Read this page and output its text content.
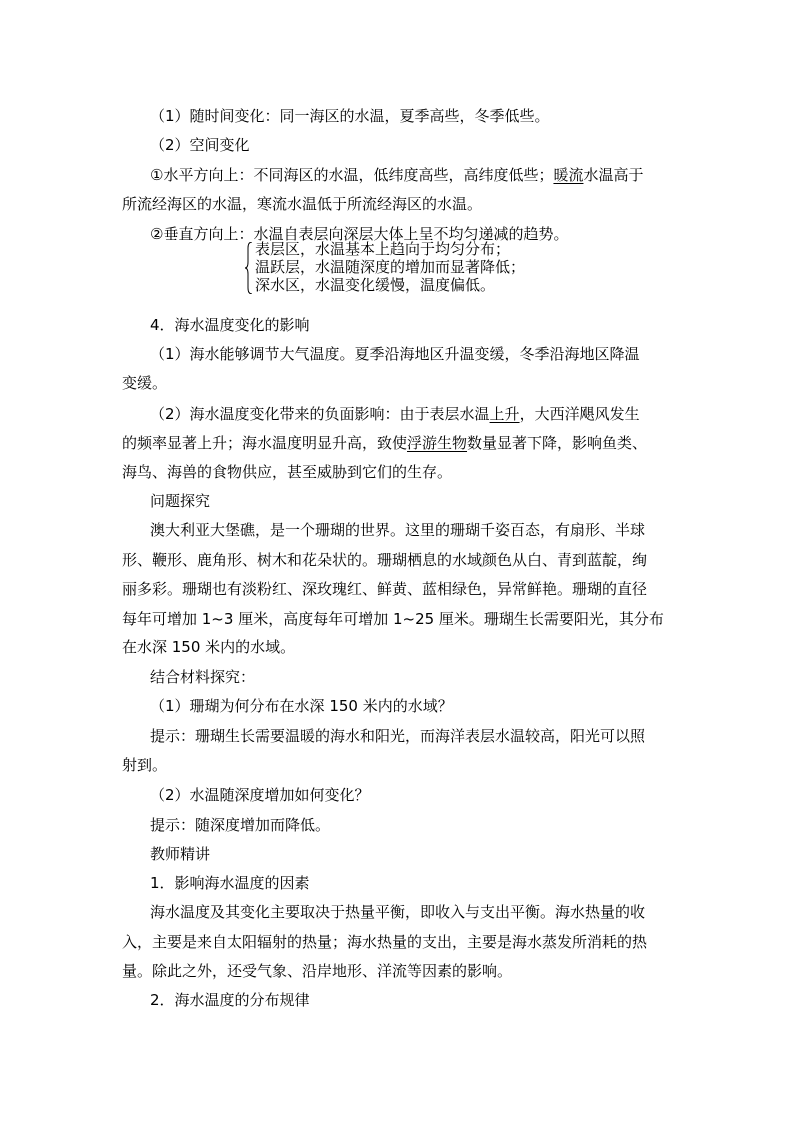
（1）随时间变化：同一海区的水温，夏季高些，冬季低些。
（2）空间变化
①水平方向上：不同海区的水温，低纬度高些，高纬度低些；暖流水温高于
所流经海区的水温，寒流水温低于所流经海区的水温。
②垂直方向上：水温自表层向深层大体上呈不均匀递减的趋势。
表层区，水温基本上趋向于均匀分布；
温跃层，水温随深度的增加而显著降低；
深水区，水温变化缓慢，温度偏低。
4．海水温度变化的影响
（1）海水能够调节大气温度。夏季沿海地区升温变缓，冬季沿海地区降温
变缓。
（2）海水温度变化带来的负面影响：由于表层水温上升，大西洋飓风发生
的频率显著上升；海水温度明显升高，致使浮游生物数量显著下降，影响鱼类、
海鸟、海兽的食物供应，甚至威胁到它们的生存。
问题探究
澳大利亚大堡礁，是一个珊瑚的世界。这里的珊瑚千姿百态，有扇形、半球
形、鞭形、鹿角形、树木和花朵状的。珊瑚栖息的水域颜色从白、青到蓝靛，绚
丽多彩。珊瑚也有淡粉红、深玫瑰红、鲜黄、蓝相绿色，异常鲜艳。珊瑚的直径
每年可增加 1~3 厘米，高度每年可增加 1~25 厘米。珊瑚生长需要阳光，其分布
在水深 150 米内的水域。
结合材料探究：
（1）珊瑚为何分布在水深 150 米内的水域？
提示：珊瑚生长需要温暖的海水和阳光，而海洋表层水温较高，阳光可以照
射到。
（2）水温随深度增加如何变化？
提示：随深度增加而降低。
教师精讲
1．影响海水温度的因素
海水温度及其变化主要取决于热量平衡，即收入与支出平衡。海水热量的收
入，主要是来自太阳辐射的热量；海水热量的支出，主要是海水蒸发所消耗的热
量。除此之外，还受气象、沿岸地形、洋流等因素的影响。
2．海水温度的分布规律
